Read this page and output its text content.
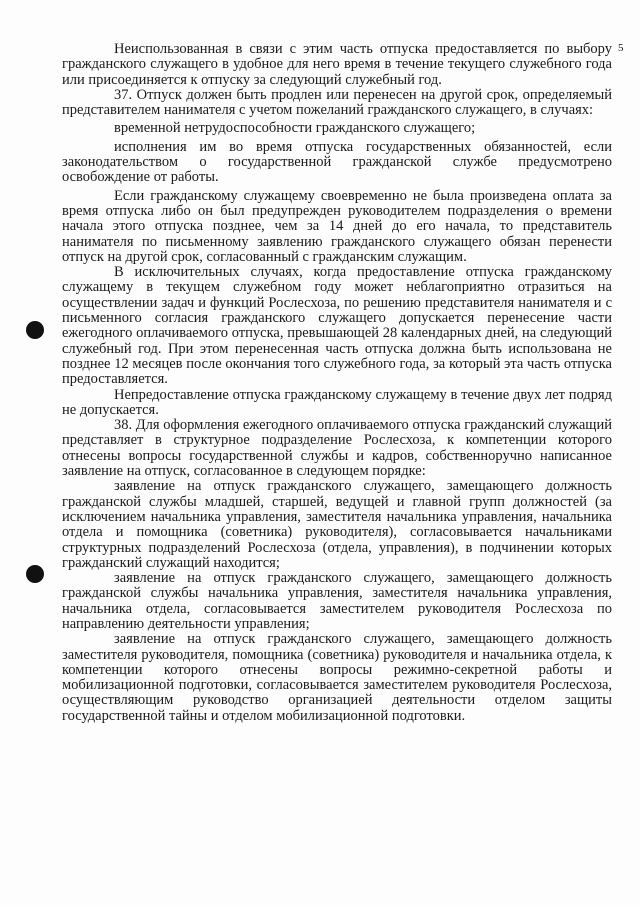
5

Неиспользованная в связи с этим часть отпуска предоставляется по выбору гражданского служащего в удобное для него время в течение текущего служебного года или присоединяется к отпуску за следующий служебный год.

37. Отпуск должен быть продлен или перенесен на другой срок, определяемый представителем нанимателя с учетом пожеланий гражданского служащего, в случаях:

временной нетрудоспособности гражданского служащего;

исполнения им во время отпуска государственных обязанностей, если законодательством о государственной гражданской службе предусмотрено освобождение от работы.

Если гражданскому служащему своевременно не была произведена оплата за время отпуска либо он был предупрежден руководителем подразделения о времени начала этого отпуска позднее, чем за 14 дней до его начала, то представитель нанимателя по письменному заявлению гражданского служащего обязан перенести отпуск на другой срок, согласованный с гражданским служащим.

В исключительных случаях, когда предоставление отпуска гражданскому служащему в текущем служебном году может неблагоприятно отразиться на осуществлении задач и функций Рослесхоза, по решению представителя нанимателя и с письменного согласия гражданского служащего допускается перенесение части ежегодного оплачиваемого отпуска, превышающей 28 календарных дней, на следующий служебный год. При этом перенесенная часть отпуска должна быть использована не позднее 12 месяцев после окончания того служебного года, за который эта часть отпуска предоставляется.

Непредоставление отпуска гражданскому служащему в течение двух лет подряд не допускается.

38. Для оформления ежегодного оплачиваемого отпуска гражданский служащий представляет в структурное подразделение Рослесхоза, к компетенции которого отнесены вопросы государственной службы и кадров, собственноручно написанное заявление на отпуск, согласованное в следующем порядке:

заявление на отпуск гражданского служащего, замещающего должность гражданской службы младшей, старшей, ведущей и главной групп должностей (за исключением начальника управления, заместителя начальника управления, начальника отдела и помощника (советника) руководителя), согласовывается начальниками структурных подразделений Рослесхоза (отдела, управления), в подчинении которых гражданский служащий находится;

заявление на отпуск гражданского служащего, замещающего должность гражданской службы начальника управления, заместителя начальника управления, начальника отдела, согласовывается заместителем руководителя Рослесхоза по направлению деятельности управления;

заявление на отпуск гражданского служащего, замещающего должность заместителя руководителя, помощника (советника) руководителя и начальника отдела, к компетенции которого отнесены вопросы режимно-секретной работы и мобилизационной подготовки, согласовывается заместителем руководителя Рослесхоза, осуществляющим руководство организацией деятельности отделом защиты государственной тайны и отделом мобилизационной подготовки.
